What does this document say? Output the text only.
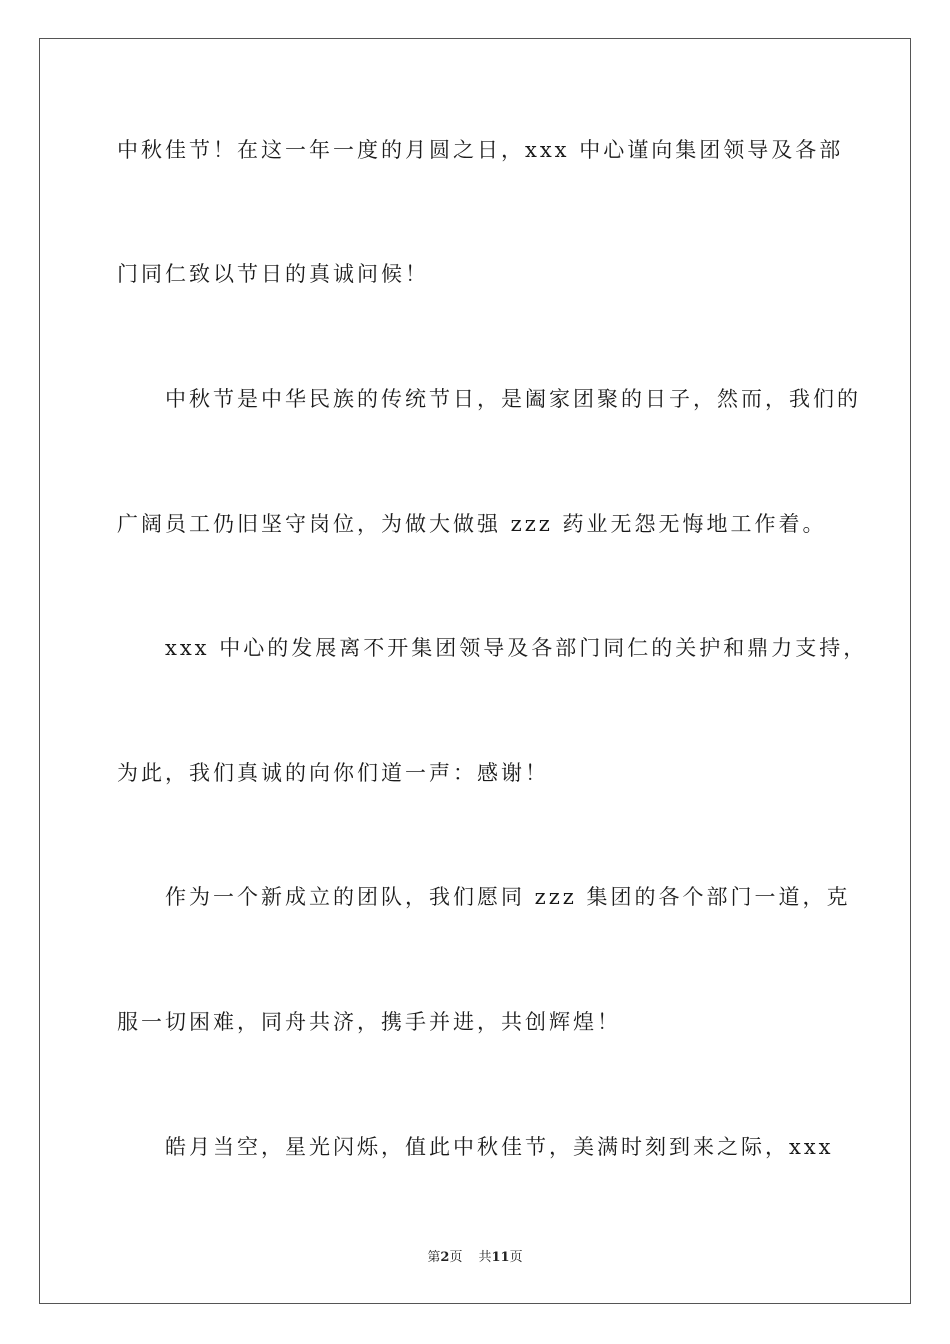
中秋佳节！在这一年一度的月圆之日，xxx 中心谨向集团领导及各部
门同仁致以节日的真诚问候！
中秋节是中华民族的传统节日，是阖家团聚的日子，然而，我们的
广阔员工仍旧坚守岗位，为做大做强 zzz 药业无怨无悔地工作着。
xxx 中心的发展离不开集团领导及各部门同仁的关护和鼎力支持，
为此，我们真诚的向你们道一声：感谢！
作为一个新成立的团队，我们愿同 zzz 集团的各个部门一道，克
服一切困难，同舟共济，携手并进，共创辉煌！
皓月当空，星光闪烁，值此中秋佳节，美满时刻到来之际，xxx
第2页 共11页
